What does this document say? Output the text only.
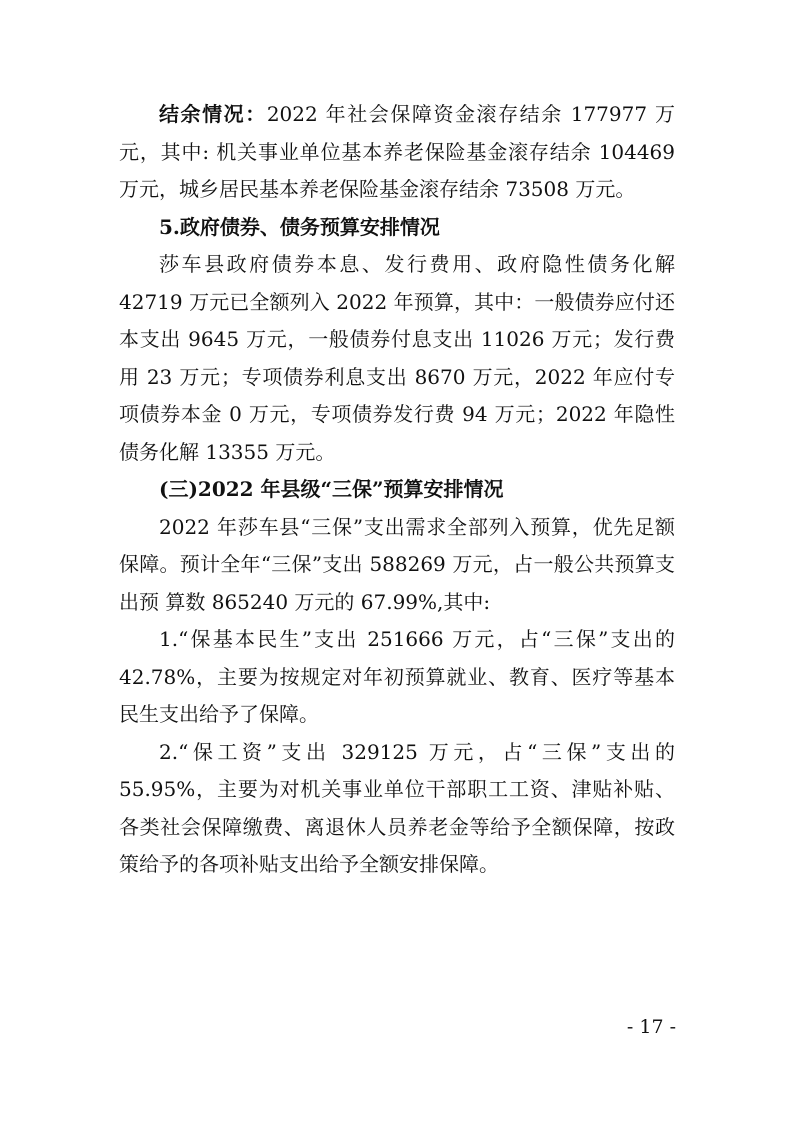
结余情况：2022 年社会保障资金滚存结余 177977 万元，其中: 机关事业单位基本养老保险基金滚存结余 104469 万元，城乡居民基本养老保险基金滚存结余 73508 万元。

5.政府债券、债务预算安排情况

莎车县政府债券本息、发行费用、政府隐性债务化解 42719 万元已全额列入 2022 年预算，其中：一般债券应付还本支出 9645 万元，一般债券付息支出 11026 万元；发行费用 23 万元；专项债券利息支出 8670 万元，2022 年应付专项债券本金 0 万元，专项债券发行费 94 万元；2022 年隐性债务化解 13355 万元。

(三)2022 年县级“三保”预算安排情况

2022 年莎车县“三保”支出需求全部列入预算，优先足额保障。预计全年“三保”支出 588269 万元，占一般公共预算支出预 算数 865240 万元的 67.99%,其中:

1.“保基本民生”支出 251666 万元，占“三保”支出的 42.78%，主要为按规定对年初预算就业、教育、医疗等基本民生支出给予了保障。

2.“保工资”支出 329125 万元，占“三保”支出的 55.95%，主要为对机关事业单位干部职工工资、津贴补贴、各类社会保障缴费、离退休人员养老金等给予全额保障，按政策给予的各项补贴支出给予全额安排保障。

- 17 -
